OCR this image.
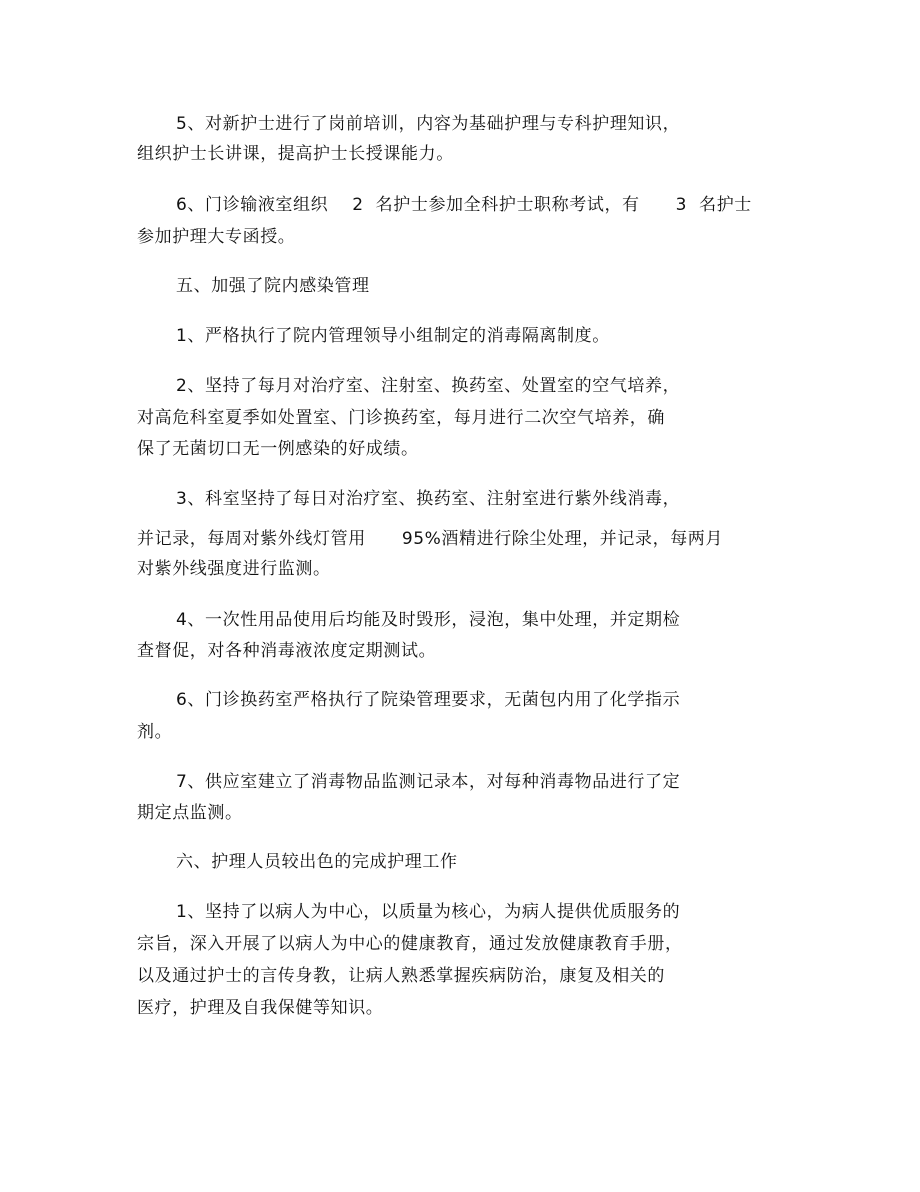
5、对新护士进行了岗前培训，内容为基础护理与专科护理知识，
组织护士长讲课，提高护士长授课能力。
6、门诊输液室组织    2  名护士参加全科护士职称考试，有      3  名护士
参加护理大专函授。
五、加强了院内感染管理
1、严格执行了院内管理领导小组制定的消毒隔离制度。
2、坚持了每月对治疗室、注射室、换药室、处置室的空气培养，
对高危科室夏季如处置室、门诊换药室，每月进行二次空气培养，确
保了无菌切口无一例感染的好成绩。
3、科室坚持了每日对治疗室、换药室、注射室进行紫外线消毒，
并记录，每周对紫外线灯管用      95%酒精进行除尘处理，并记录，每两月
对紫外线强度进行监测。
4、一次性用品使用后均能及时毁形，浸泡，集中处理，并定期检
查督促，对各种消毒液浓度定期测试。
6、门诊换药室严格执行了院染管理要求，无菌包内用了化学指示
剂。
7、供应室建立了消毒物品监测记录本，对每种消毒物品进行了定
期定点监测。
六、护理人员较出色的完成护理工作
1、坚持了以病人为中心，以质量为核心，为病人提供优质服务的
宗旨，深入开展了以病人为中心的健康教育，通过发放健康教育手册，
以及通过护士的言传身教，让病人熟悉掌握疾病防治，康复及相关的
医疗，护理及自我保健等知识。
